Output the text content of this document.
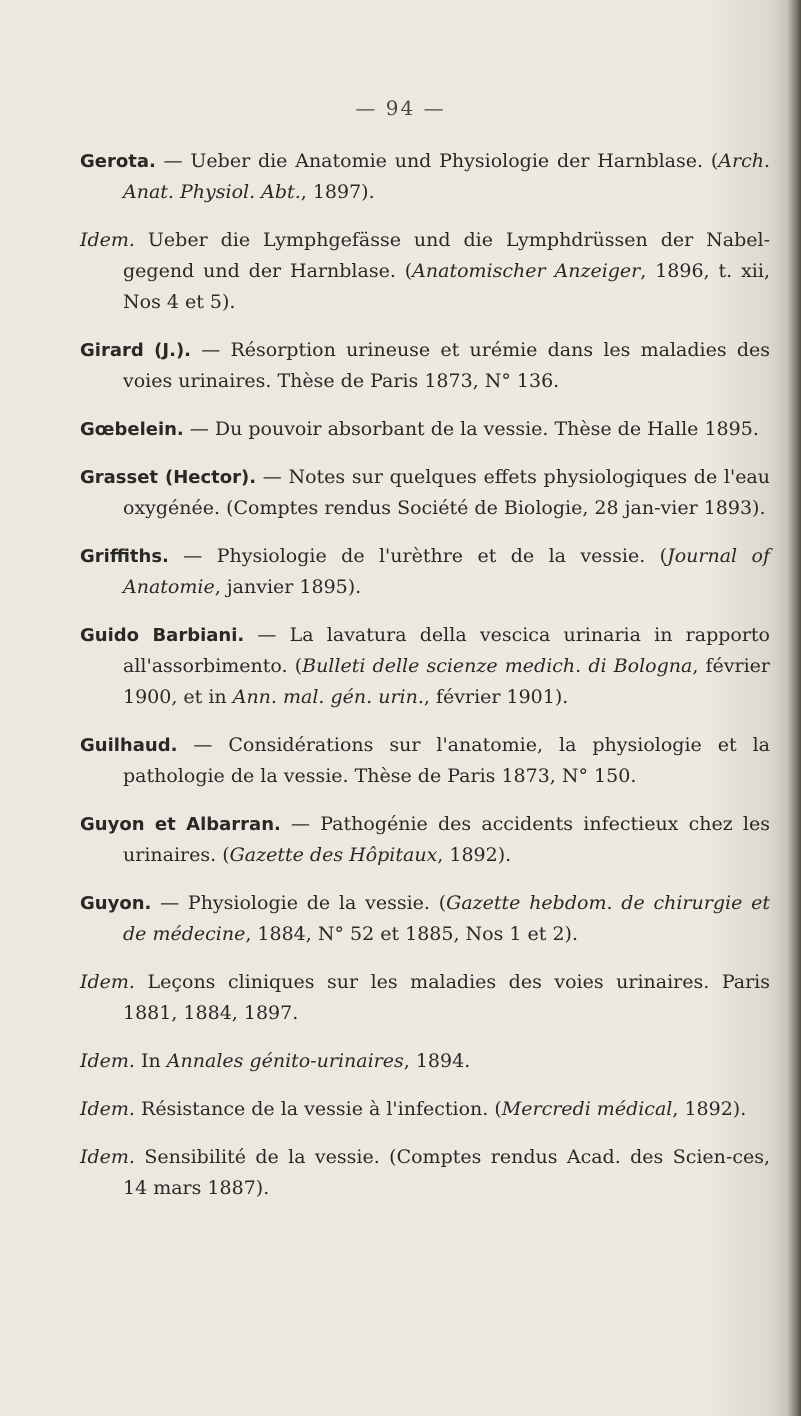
— 94 —

Gerota. — Ueber die Anatomie und Physiologie der Harnblase. (Arch. Anat. Physiol. Abt., 1897).

Idem. Ueber die Lymphgefässe und die Lymphdrüssen der Nabel-gegend und der Harnblase. (Anatomischer Anzeiger, 1896, t. xii, Nos 4 et 5).

Girard (J.). — Résorption urineuse et urémie dans les maladies des voies urinaires. Thèse de Paris 1873, N° 136.

Gœbelein. — Du pouvoir absorbant de la vessie. Thèse de Halle 1895.

Grasset (Hector). — Notes sur quelques effets physiologiques de l'eau oxygénée. (Comptes rendus Société de Biologie, 28 jan-vier 1893).

Griffiths. — Physiologie de l'urèthre et de la vessie. (Journal of Anatomie, janvier 1895).

Guido Barbiani. — La lavatura della vescica urinaria in rapporto all'assorbimento. (Bulleti delle scienze medich. di Bologna, février 1900, et in Ann. mal. gén. urin., février 1901).

Guilhaud. — Considérations sur l'anatomie, la physiologie et la pathologie de la vessie. Thèse de Paris 1873, N° 150.

Guyon et Albarran. — Pathogénie des accidents infectieux chez les urinaires. (Gazette des Hôpitaux, 1892).

Guyon. — Physiologie de la vessie. (Gazette hebdom. de chirurgie et de médecine, 1884, N° 52 et 1885, Nos 1 et 2).

Idem. Leçons cliniques sur les maladies des voies urinaires. Paris 1881, 1884, 1897.

Idem. In Annales génito-urinaires, 1894.

Idem. Résistance de la vessie à l'infection. (Mercredi médical, 1892).

Idem. Sensibilité de la vessie. (Comptes rendus Acad. des Scien-ces, 14 mars 1887).
